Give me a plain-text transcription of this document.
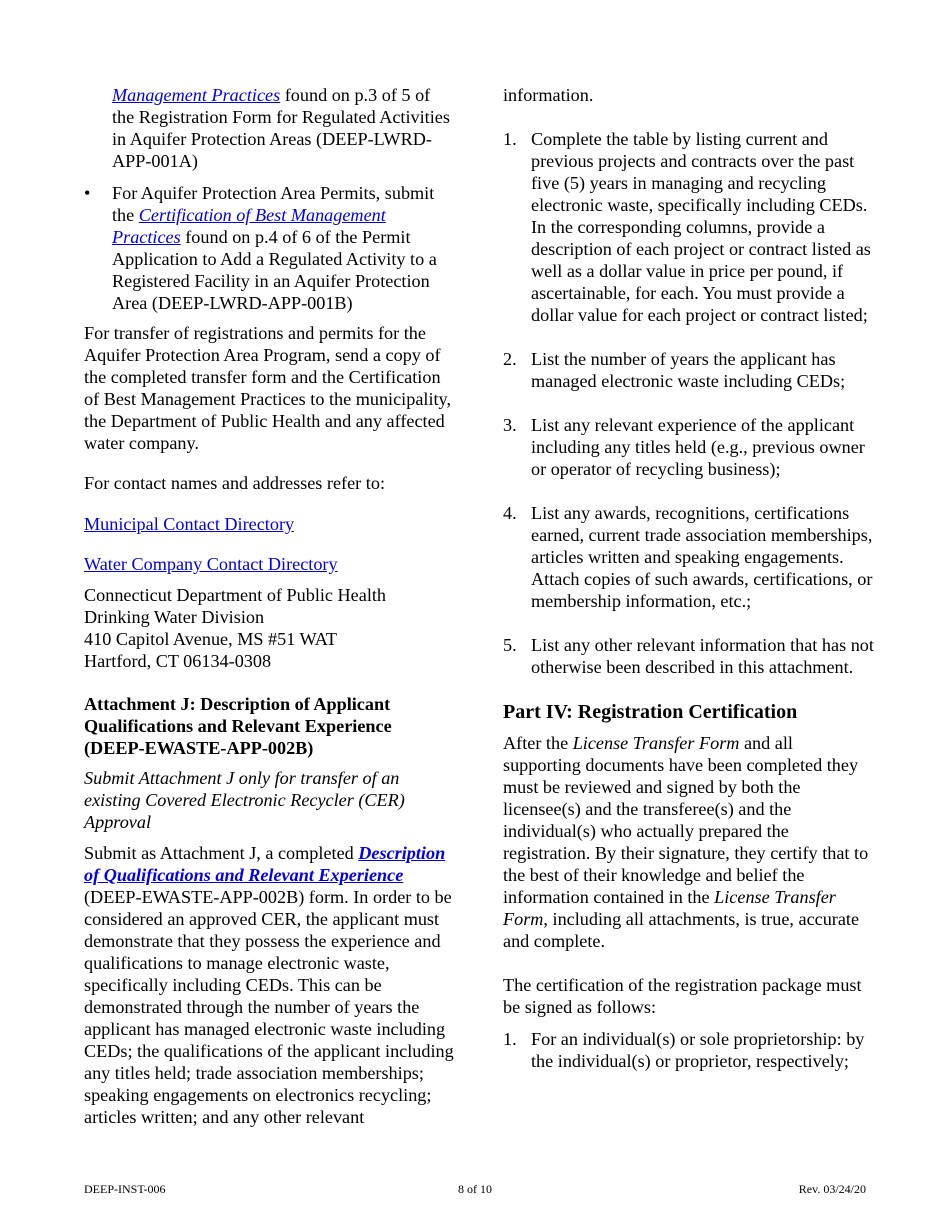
Management Practices found on p.3 of 5 of the Registration Form for Regulated Activities in Aquifer Protection Areas (DEEP-LWRD-APP-001A)

• For Aquifer Protection Area Permits, submit the Certification of Best Management Practices found on p.4 of 6 of the Permit Application to Add a Regulated Activity to a Registered Facility in an Aquifer Protection Area (DEEP-LWRD-APP-001B)

For transfer of registrations and permits for the Aquifer Protection Area Program, send a copy of the completed transfer form and the Certification of Best Management Practices to the municipality, the Department of Public Health and any affected water company.

For contact names and addresses refer to:

Municipal Contact Directory

Water Company Contact Directory

Connecticut Department of Public Health

Drinking Water Division

410 Capitol Avenue, MS #51 WAT

Hartford, CT 06134-0308

Attachment J: Description of Applicant Qualifications and Relevant Experience (DEEP-EWASTE-APP-002B)

Submit Attachment J only for transfer of an existing Covered Electronic Recycler (CER) Approval

Submit as Attachment J, a completed Description of Qualifications and Relevant Experience (DEEP-EWASTE-APP-002B) form. In order to be considered an approved CER, the applicant must demonstrate that they possess the experience and qualifications to manage electronic waste, specifically including CEDs. This can be demonstrated through the number of years the applicant has managed electronic waste including CEDs; the qualifications of the applicant including any titles held; trade association memberships; speaking engagements on electronics recycling; articles written; and any other relevant

information.

1. Complete the table by listing current and previous projects and contracts over the past five (5) years in managing and recycling electronic waste, specifically including CEDs. In the corresponding columns, provide a description of each project or contract listed as well as a dollar value in price per pound, if ascertainable, for each. You must provide a dollar value for each project or contract listed;
2. List the number of years the applicant has managed electronic waste including CEDs;
3. List any relevant experience of the applicant including any titles held (e.g., previous owner or operator of recycling business);
4. List any awards, recognitions, certifications earned, current trade association memberships, articles written and speaking engagements. Attach copies of such awards, certifications, or membership information, etc.;
5. List any other relevant information that has not otherwise been described in this attachment.

Part IV: Registration Certification

After the License Transfer Form and all supporting documents have been completed they must be reviewed and signed by both the licensee(s) and the transferee(s) and the individual(s) who actually prepared the registration. By their signature, they certify that to the best of their knowledge and belief the information contained in the License Transfer Form, including all attachments, is true, accurate and complete.

The certification of the registration package must be signed as follows:

1. For an individual(s) or sole proprietorship: by the individual(s) or proprietor, respectively;
DEEP-INST-006	8 of 10	Rev. 03/24/20
